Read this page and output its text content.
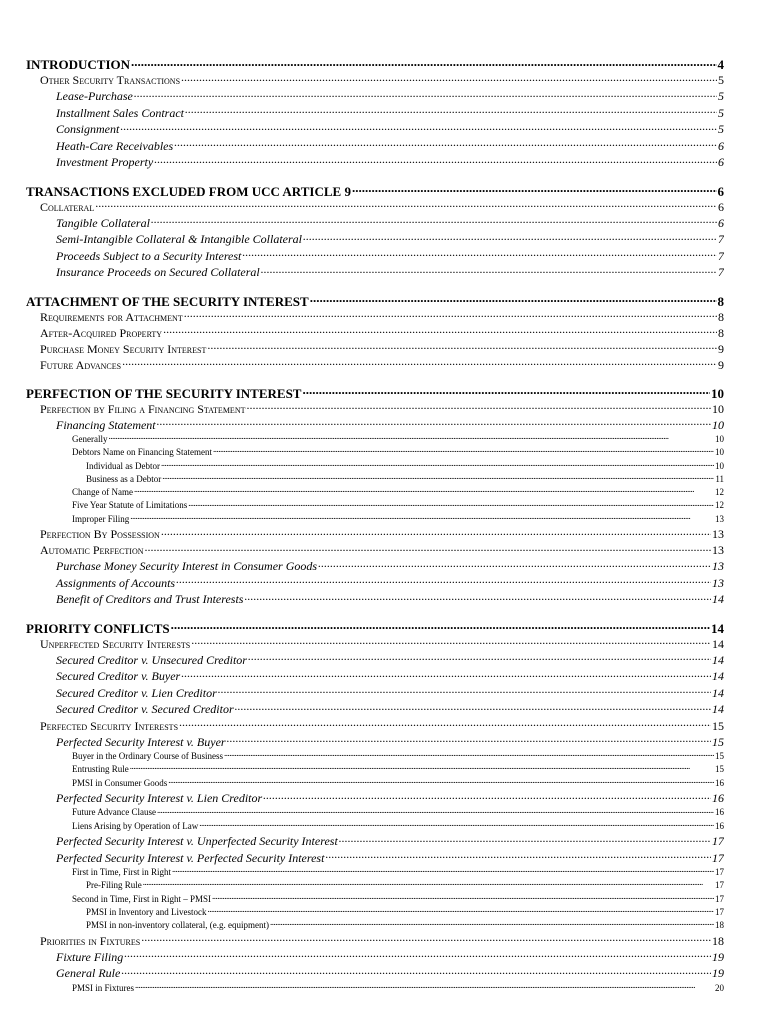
INTRODUCTION .....	4
Other Security Transactions .....	5
Lease-Purchase .....	5
Installment Sales Contract .....	5
Consignment .....	5
Heath-Care Receivables .....	6
Investment Property .....	6
TRANSACTIONS EXCLUDED FROM UCC ARTICLE 9 .....	6
Collateral .....	6
Tangible Collateral .....	6
Semi-Intangible Collateral & Intangible Collateral .....	7
Proceeds Subject to a Security Interest .....	7
Insurance Proceeds on Secured Collateral .....	7
ATTACHMENT OF THE SECURITY INTEREST .....	8
Requirements for Attachment .....	8
After-Acquired Property .....	8
Purchase Money Security Interest .....	9
Future Advances .....	9
PERFECTION OF THE SECURITY INTEREST .....	10
Perfection by Filing a Financing Statement .....	10
Financing Statement .....	10
Generally .....	10
Debtors Name on Financing Statement .....	10
Individual as Debtor .....	10
Business as a Debtor .....	11
Change of Name .....	12
Five Year Statute of Limitations .....	12
Improper Filing .....	13
Perfection By Possession .....	13
Automatic Perfection .....	13
Purchase Money Security Interest in Consumer Goods .....	13
Assignments of Accounts .....	13
Benefit of Creditors and Trust Interests .....	14
PRIORITY CONFLICTS .....	14
Unperfected Security Interests .....	14
Secured Creditor v. Unsecured Creditor .....	14
Secured Creditor v. Buyer .....	14
Secured Creditor v. Lien Creditor .....	14
Secured Creditor v. Secured Creditor .....	14
Perfected Security Interests .....	15
Perfected Security Interest v. Buyer .....	15
Buyer in the Ordinary Course of Business .....	15
Entrusting Rule .....	15
PMSI in Consumer Goods .....	16
Perfected Security Interest v. Lien Creditor .....	16
Future Advance Clause .....	16
Liens Arising by Operation of Law .....	16
Perfected Security Interest v. Unperfected Security Interest .....	17
Perfected Security Interest v. Perfected Security Interest .....	17
First in Time, First in Right .....	17
Pre-Filing Rule .....	17
Second in Time, First in Right – PMSI .....	17
PMSI in Inventory and Livestock .....	17
PMSI in non-inventory collateral, (e.g. equipment) .....	18
Priorities in Fixtures .....	18
Fixture Filing .....	19
General Rule .....	19
PMSI in Fixtures .....	20
